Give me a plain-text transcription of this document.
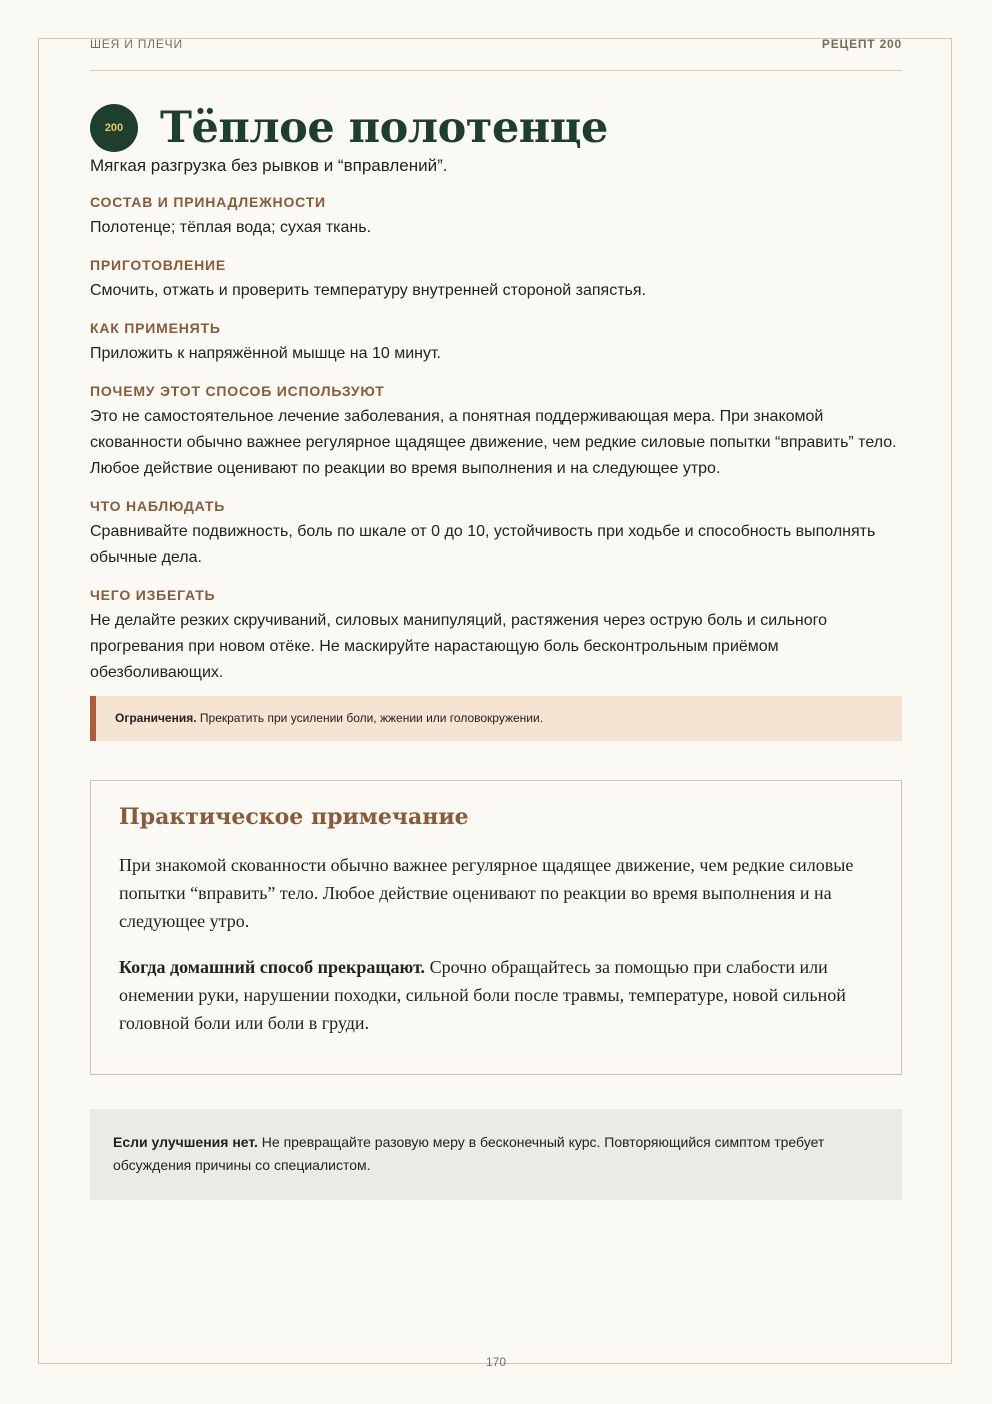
ШЕЯ И ПЛЕЧИ	РЕЦЕПТ 200
200 Тёплое полотенце
Мягкая разгрузка без рывков и “вправлений”.
СОСТАВ И ПРИНАДЛЕЖНОСТИ

Полотенце; тёплая вода; сухая ткань.

ПРИГОТОВЛЕНИЕ

Смочить, отжать и проверить температуру внутренней стороной запястья.

КАК ПРИМЕНЯТЬ

Приложить к напряжённой мышце на 10 минут.

ПОЧЕМУ ЭТОТ СПОСОБ ИСПОЛЬЗУЮТ

Это не самостоятельное лечение заболевания, а понятная поддерживающая мера. При знакомой скованности обычно важнее регулярное щадящее движение, чем редкие силовые попытки “вправить” тело. Любое действие оценивают по реакции во время выполнения и на следующее утро.

ЧТО НАБЛЮДАТЬ

Сравнивайте подвижность, боль по шкале от 0 до 10, устойчивость при ходьбе и способность выполнять обычные дела.

ЧЕГО ИЗБЕГАТЬ

Не делайте резких скручиваний, силовых манипуляций, растяжения через острую боль и сильного прогревания при новом отёке. Не маскируйте нарастающую боль бесконтрольным приёмом обезболивающих.

Ограничения. Прекратить при усилении боли, жжении или головокружении.
Практическое примечание

При знакомой скованности обычно важнее регулярное щадящее движение, чем редкие силовые попытки “вправить” тело. Любое действие оценивают по реакции во время выполнения и на следующее утро.

Когда домашний способ прекращают. Срочно обращайтесь за помощью при слабости или онемении руки, нарушении походки, сильной боли после травмы, температуре, новой сильной головной боли или боли в груди.

Если улучшения нет. Не превращайте разовую меру в бесконечный курс. Повторяющийся симптом требует обсуждения причины со специалистом.
170
